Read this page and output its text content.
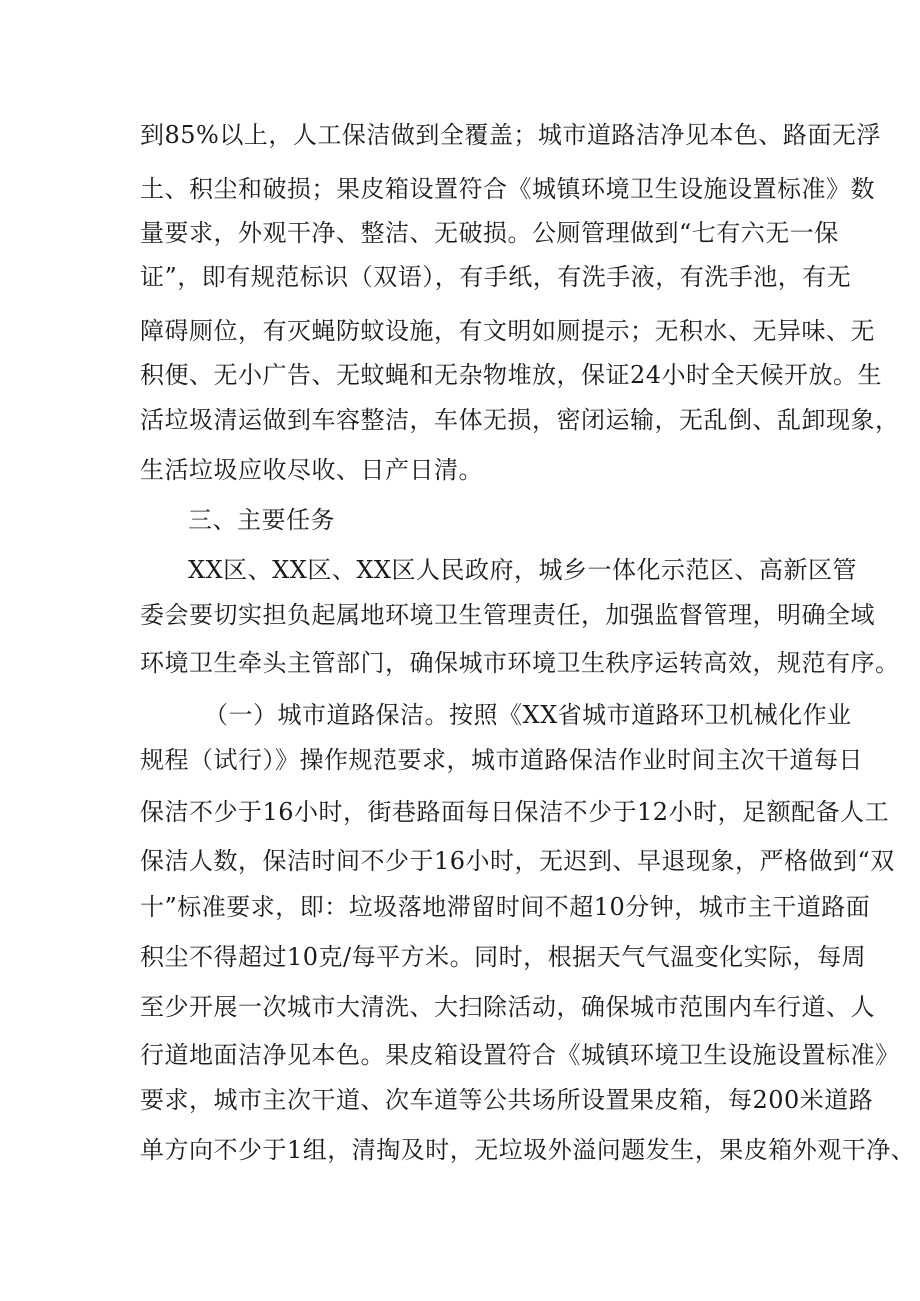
到85%以上，人工保洁做到全覆盖；城市道路洁净见本色、路面无浮
土、积尘和破损；果皮箱设置符合《城镇环境卫生设施设置标准》数
量要求，外观干净、整洁、无破损。公厕管理做到“七有六无一保
证”，即有规范标识（双语），有手纸，有洗手液，有洗手池，有无
障碍厕位，有灭蝇防蚊设施，有文明如厕提示；无积水、无异味、无
积便、无小广告、无蚊蝇和无杂物堆放，保证24小时全天候开放。生
活垃圾清运做到车容整洁，车体无损，密闭运输，无乱倒、乱卸现象，
生活垃圾应收尽收、日产日清。
三、主要任务
XX区、XX区、XX区人民政府，城乡一体化示范区、高新区管
委会要切实担负起属地环境卫生管理责任，加强监督管理，明确全域
环境卫生牵头主管部门，确保城市环境卫生秩序运转高效，规范有序。
（一）城市道路保洁。按照《XX省城市道路环卫机械化作业
规程（试行）》操作规范要求，城市道路保洁作业时间主次干道每日
保洁不少于16小时，街巷路面每日保洁不少于12小时，足额配备人工
保洁人数，保洁时间不少于16小时，无迟到、早退现象，严格做到“双
十”标准要求，即：垃圾落地滞留时间不超10分钟，城市主干道路面
积尘不得超过10克/每平方米。同时，根据天气气温变化实际，每周
至少开展一次城市大清洗、大扫除活动，确保城市范围内车行道、人
行道地面洁净见本色。果皮箱设置符合《城镇环境卫生设施设置标准》
要求，城市主次干道、次车道等公共场所设置果皮箱，每200米道路
单方向不少于1组，清掏及时，无垃圾外溢问题发生，果皮箱外观干净、
